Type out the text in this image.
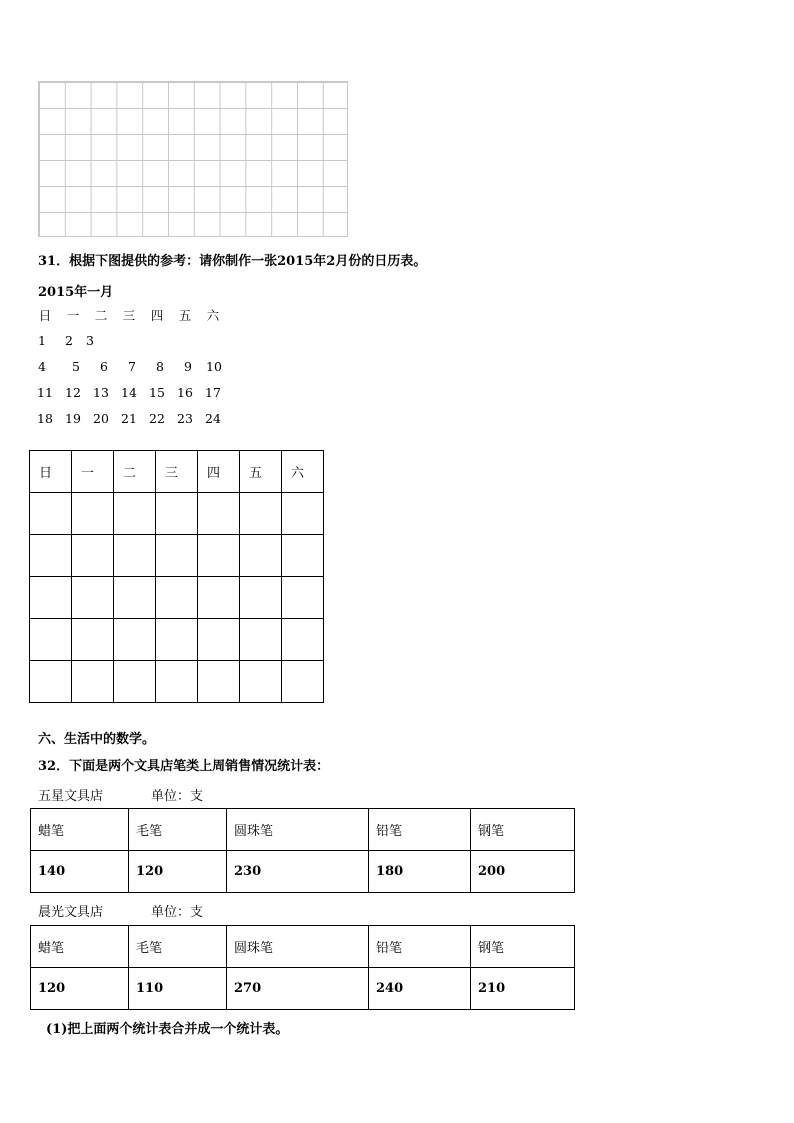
31．根据下图提供的参考：请你制作一张2015年2月份的日历表。
2015年一月
日	一	二	三	四	五	六
1	2	3
4	5	6	7	8	9	10
11 12 13 14 15 16 17
18 19 20 21 22 23 24
日	一	二	三	四	五	六

六、生活中的数学。
32．下面是两个文具店笔类上周销售情况统计表：
五星文具店	单位：支
蜡笔	毛笔	圆珠笔	铅笔	钢笔
140	120	230	180	200
晨光文具店	单位：支
蜡笔	毛笔	圆珠笔	铅笔	钢笔
120	110	270	240	210
(1)把上面两个统计表合并成一个统计表。
